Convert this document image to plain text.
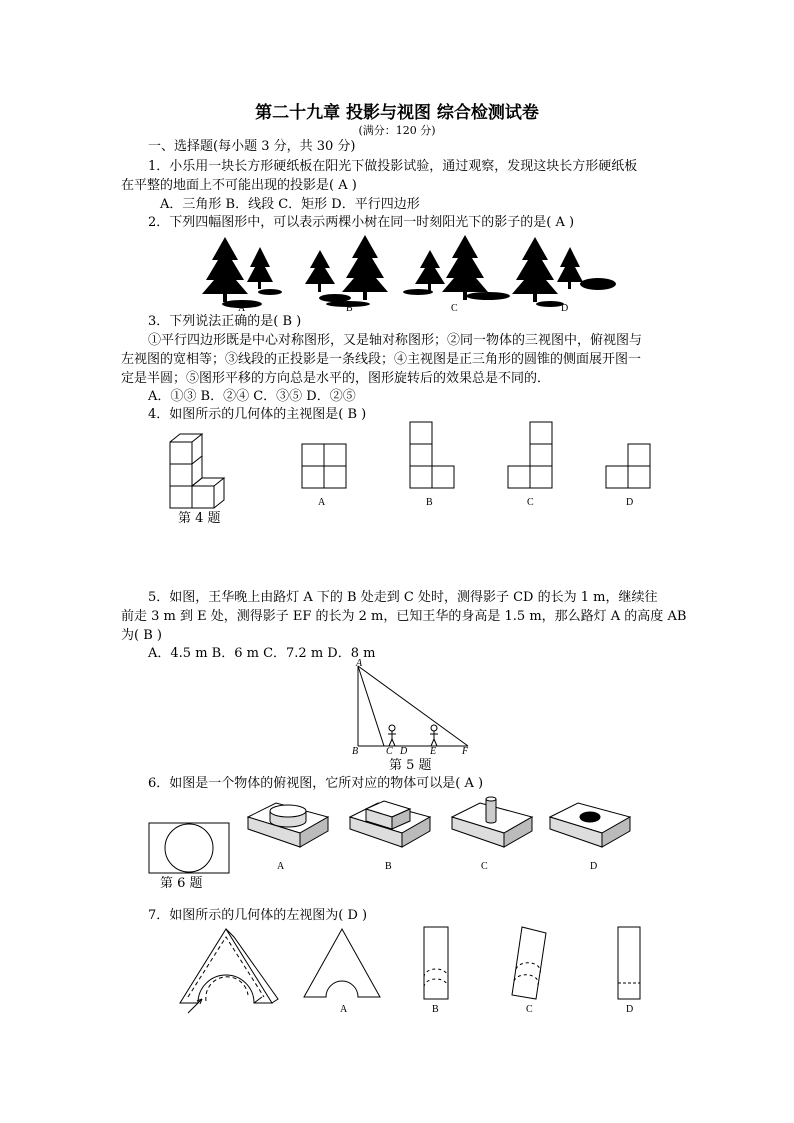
第二十九章 投影与视图 综合检测试卷
(满分：120 分)
一、选择题(每小题 3 分，共 30 分)
1．小乐用一块长方形硬纸板在阳光下做投影试验，通过观察，发现这块长方形硬纸板
在平整的地面上不可能出现的投影是( A )
A．三角形 B．线段 C．矩形 D．平行四边形
2．下列四幅图形中，可以表示两棵小树在同一时刻阳光下的影子的是( A )
A	B	C	D
3．下列说法正确的是( B )
①平行四边形既是中心对称图形，又是轴对称图形；②同一物体的三视图中，俯视图与
左视图的宽相等；③线段的正投影是一条线段；④主视图是正三角形的圆锥的侧面展开图一
定是半圆；⑤图形平移的方向总是水平的，图形旋转后的效果总是不同的．
A．①③ B．②④ C．③⑤ D．②⑤
4．如图所示的几何体的主视图是( B )
第 4 题
A	B	C	D
5．如图，王华晚上由路灯 A 下的 B 处走到 C 处时，测得影子 CD 的长为 1 m，继续往
前走 3 m 到 E 处，测得影子 EF 的长为 2 m，已知王华的身高是 1.5 m，那么路灯 A 的高度 AB
为( B )
A．4.5 m B．6 m C．7.2 m D．8 m
A
B	C D E	F
第 5 题
6．如图是一个物体的俯视图，它所对应的物体可以是( A )
第 6 题
A	B	C	D
7．如图所示的几何体的左视图为( D )
A	B	C	D
